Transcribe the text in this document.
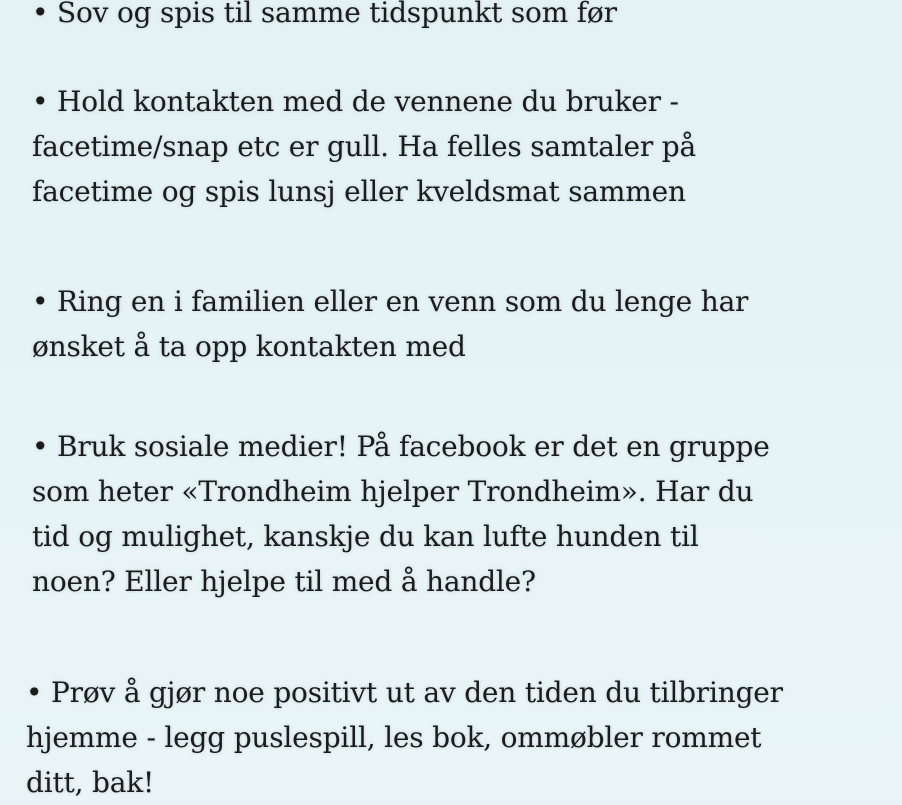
• Sov og spis til samme tidspunkt som før

• Hold kontakten med de vennene du bruker -
facetime/snap etc er gull. Ha felles samtaler på
facetime og spis lunsj eller kveldsmat sammen

• Ring en i familien eller en venn som du lenge har
ønsket å ta opp kontakten med

• Bruk sosiale medier! På facebook er det en gruppe
som heter «Trondheim hjelper Trondheim». Har du
tid og mulighet, kanskje du kan lufte hunden til
noen? Eller hjelpe til med å handle?

• Prøv å gjør noe positivt ut av den tiden du tilbringer
hjemme - legg puslespill, les bok, ommøbler rommet
ditt, bak!
